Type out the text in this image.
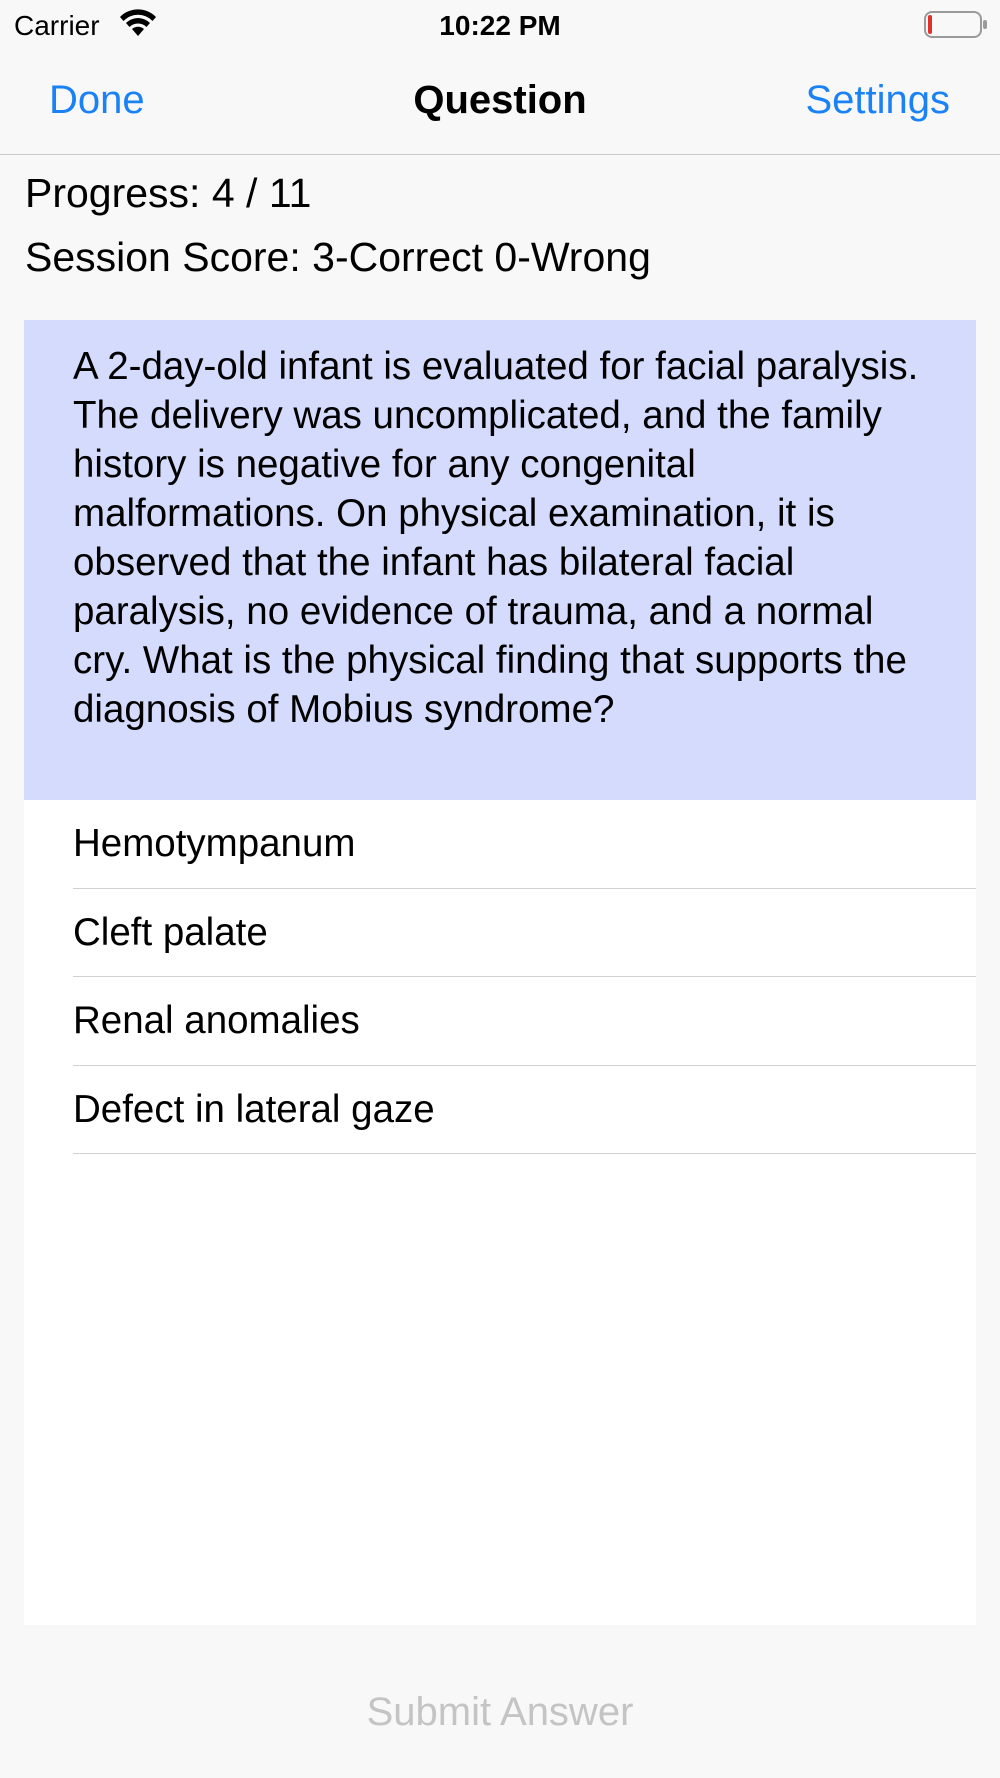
Carrier	10:22 PM
Done	Question	Settings
Progress: 4 / 11
Session Score: 3-Correct 0-Wrong
A 2-day-old infant is evaluated for facial paralysis. The delivery was uncomplicated, and the family history is negative for any congenital malformations. On physical examination, it is observed that the infant has bilateral facial paralysis, no evidence of trauma, and a normal cry. What is the physical finding that supports the diagnosis of Mobius syndrome?
Hemotympanum
Cleft palate
Renal anomalies
Defect in lateral gaze
Submit Answer
